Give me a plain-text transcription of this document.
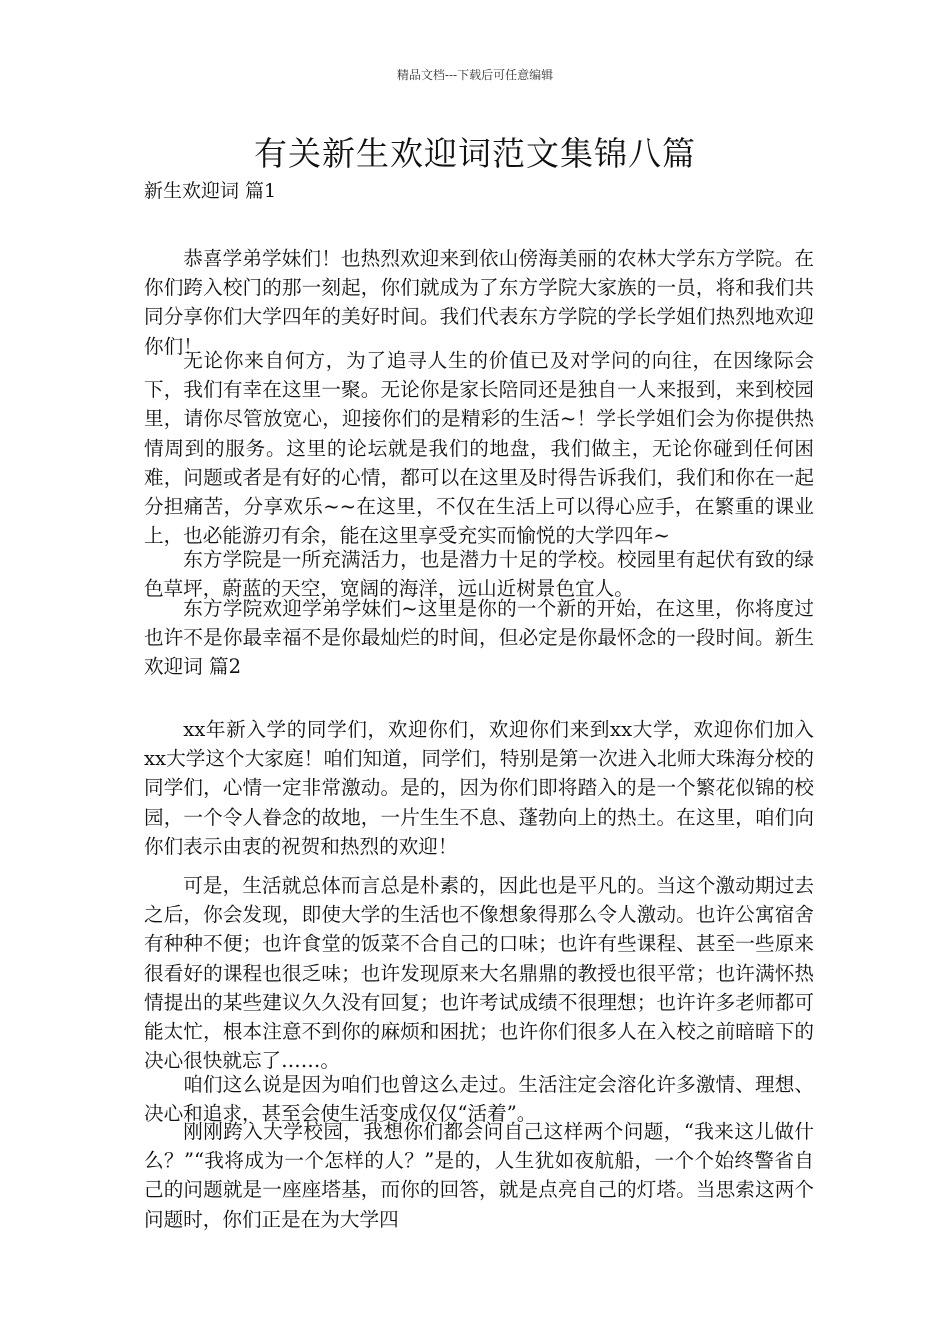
精品文档---下载后可任意编辑
有关新生欢迎词范文集锦八篇
新生欢迎词 篇1
恭喜学弟学妹们！也热烈欢迎来到依山傍海美丽的农林大学东方学院。在你们跨入校门的那一刻起，你们就成为了东方学院大家族的一员，将和我们共同分享你们大学四年的美好时间。我们代表东方学院的学长学姐们热烈地欢迎你们！
无论你来自何方，为了追寻人生的价值已及对学问的向往，在因缘际会下，我们有幸在这里一聚。无论你是家长陪同还是独自一人来报到，来到校园里，请你尽管放宽心，迎接你们的是精彩的生活~！学长学姐们会为你提供热情周到的服务。这里的论坛就是我们的地盘，我们做主，无论你碰到任何困难，问题或者是有好的心情，都可以在这里及时得告诉我们，我们和你在一起分担痛苦，分享欢乐~~在这里，不仅在生活上可以得心应手，在繁重的课业上，也必能游刃有余，能在这里享受充实而愉悦的大学四年~
东方学院是一所充满活力，也是潜力十足的学校。校园里有起伏有致的绿色草坪，蔚蓝的天空，宽阔的海洋，远山近树景色宜人。
东方学院欢迎学弟学妹们~这里是你的一个新的开始，在这里，你将度过也许不是你最幸福不是你最灿烂的时间，但必定是你最怀念的一段时间。新生欢迎词 篇2
xx年新入学的同学们，欢迎你们，欢迎你们来到xx大学，欢迎你们加入xx大学这个大家庭！咱们知道，同学们，特别是第一次进入北师大珠海分校的同学们，心情一定非常激动。是的，因为你们即将踏入的是一个繁花似锦的校园，一个令人眷念的故地，一片生生不息、蓬勃向上的热土。在这里，咱们向你们表示由衷的祝贺和热烈的欢迎！
可是，生活就总体而言总是朴素的，因此也是平凡的。当这个激动期过去之后，你会发现，即使大学的生活也不像想象得那么令人激动。也许公寓宿舍有种种不便；也许食堂的饭菜不合自己的口味；也许有些课程、甚至一些原来很看好的课程也很乏味；也许发现原来大名鼎鼎的教授也很平常；也许满怀热情提出的某些建议久久没有回复；也许考试成绩不很理想；也许许多老师都可能太忙，根本注意不到你的麻烦和困扰；也许你们很多人在入校之前暗暗下的决心很快就忘了……。
咱们这么说是因为咱们也曾这么走过。生活注定会溶化许多激情、理想、决心和追求，甚至会使生活变成仅仅“活着”。
刚刚跨入大学校园，我想你们都会问自己这样两个问题，“我来这儿做什么？”“我将成为一个怎样的人？”是的，人生犹如夜航船，一个个始终警省自己的问题就是一座座塔基，而你的回答，就是点亮自己的灯塔。当思索这两个问题时，你们正是在为大学四
